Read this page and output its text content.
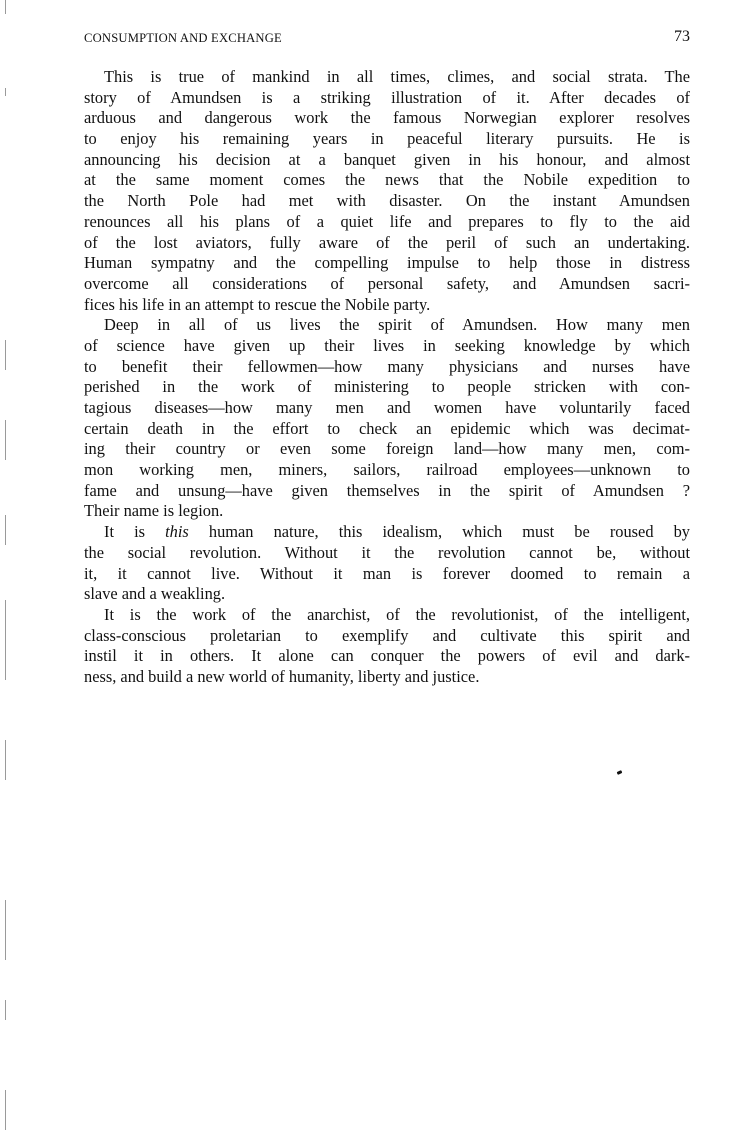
CONSUMPTION AND EXCHANGE	73
This is true of mankind in all times, climes, and social strata. The
story of Amundsen is a striking illustration of it. After decades of
arduous and dangerous work the famous Norwegian explorer resolves
to enjoy his remaining years in peaceful literary pursuits. He is
announcing his decision at a banquet given in his honour, and almost
at the same moment comes the news that the Nobile expedition to
the North Pole had met with disaster. On the instant Amundsen
renounces all his plans of a quiet life and prepares to fly to the aid
of the lost aviators, fully aware of the peril of such an undertaking.
Human sympatny and the compelling impulse to help those in distress
overcome all considerations of personal safety, and Amundsen sacri-
fices his life in an attempt to rescue the Nobile party.
Deep in all of us lives the spirit of Amundsen. How many men
of science have given up their lives in seeking knowledge by which
to benefit their fellowmen—how many physicians and nurses have
perished in the work of ministering to people stricken with con-
tagious diseases—how many men and women have voluntarily faced
certain death in the effort to check an epidemic which was decimat-
ing their country or even some foreign land—how many men, com-
mon working men, miners, sailors, railroad employees—unknown to
fame and unsung—have given themselves in the spirit of Amundsen ?
Their name is legion.
It is this human nature, this idealism, which must be roused by
the social revolution. Without it the revolution cannot be, without
it, it cannot live. Without it man is forever doomed to remain a
slave and a weakling.
It is the work of the anarchist, of the revolutionist, of the intelligent,
class-conscious proletarian to exemplify and cultivate this spirit and
instil it in others. It alone can conquer the powers of evil and dark-
ness, and build a new world of humanity, liberty and justice.
